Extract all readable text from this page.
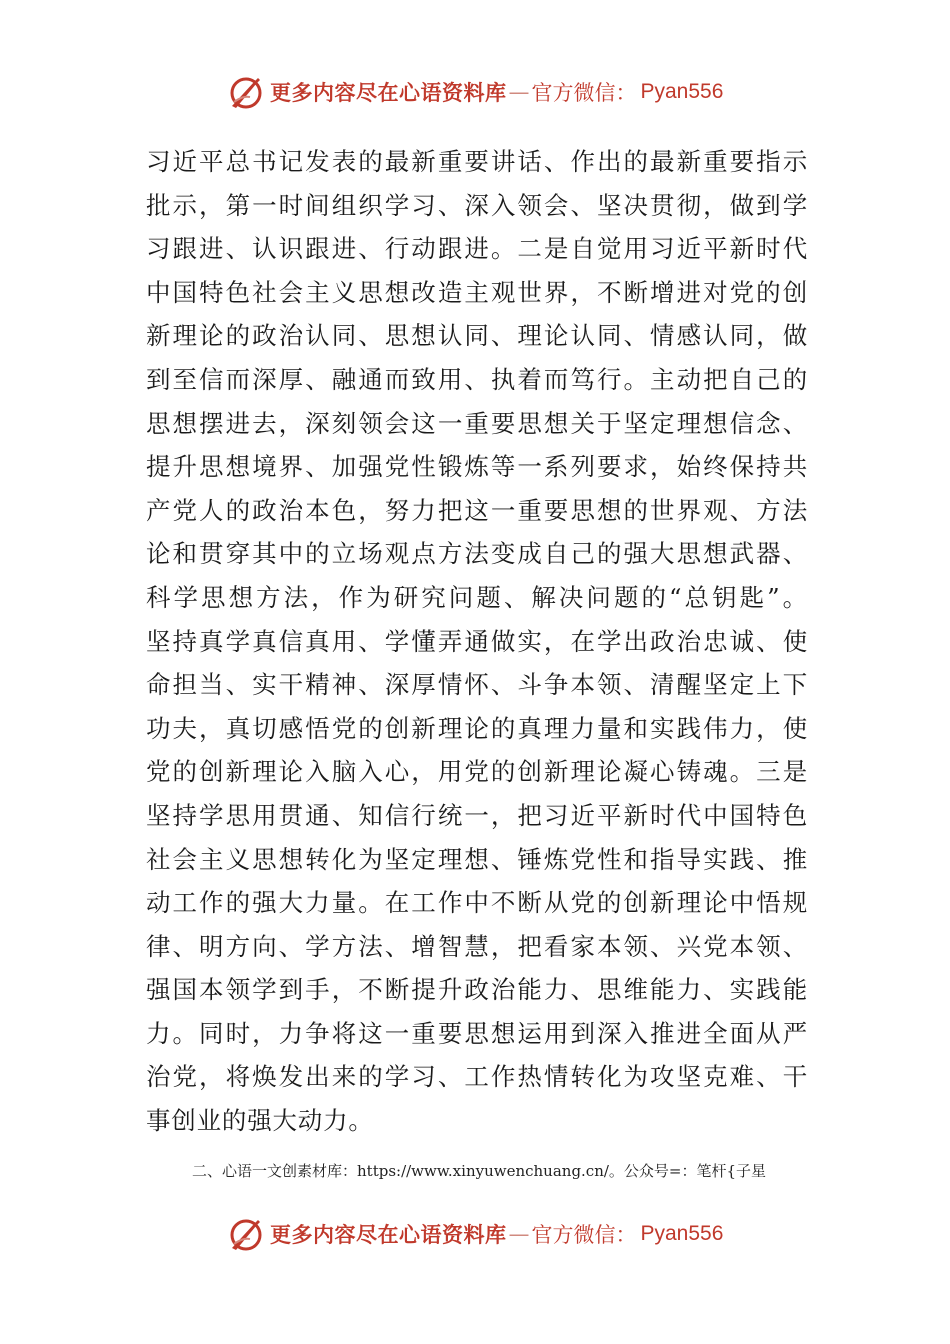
更多内容尽在心语资料库 — 官方微信： Pyan556
习近平总书记发表的最新重要讲话、作出的最新重要指示
批示，第一时间组织学习、深入领会、坚决贯彻，做到学
习跟进、认识跟进、行动跟进。二是自觉用习近平新时代
中国特色社会主义思想改造主观世界，不断增进对党的创
新理论的政治认同、思想认同、理论认同、情感认同，做
到至信而深厚、融通而致用、执着而笃行。主动把自己的
思想摆进去，深刻领会这一重要思想关于坚定理想信念、
提升思想境界、加强党性锻炼等一系列要求，始终保持共
产党人的政治本色，努力把这一重要思想的世界观、方法
论和贯穿其中的立场观点方法变成自己的强大思想武器、
科学思想方法，作为研究问题、解决问题的“总钥匙”。
坚持真学真信真用、学懂弄通做实，在学出政治忠诚、使
命担当、实干精神、深厚情怀、斗争本领、清醒坚定上下
功夫，真切感悟党的创新理论的真理力量和实践伟力，使
党的创新理论入脑入心，用党的创新理论凝心铸魂。三是
坚持学思用贯通、知信行统一，把习近平新时代中国特色
社会主义思想转化为坚定理想、锤炼党性和指导实践、推
动工作的强大力量。在工作中不断从党的创新理论中悟规
律、明方向、学方法、增智慧，把看家本领、兴党本领、
强国本领学到手，不断提升政治能力、思维能力、实践能
力。同时，力争将这一重要思想运用到深入推进全面从严
治党，将焕发出来的学习、工作热情转化为攻坚克难、干
事创业的强大动力。
二、心语一文创素材库：https://www.xinyuwenchuang.cn/。公众号=：笔杆{子星
更多内容尽在心语资料库 — 官方微信： Pyan556
